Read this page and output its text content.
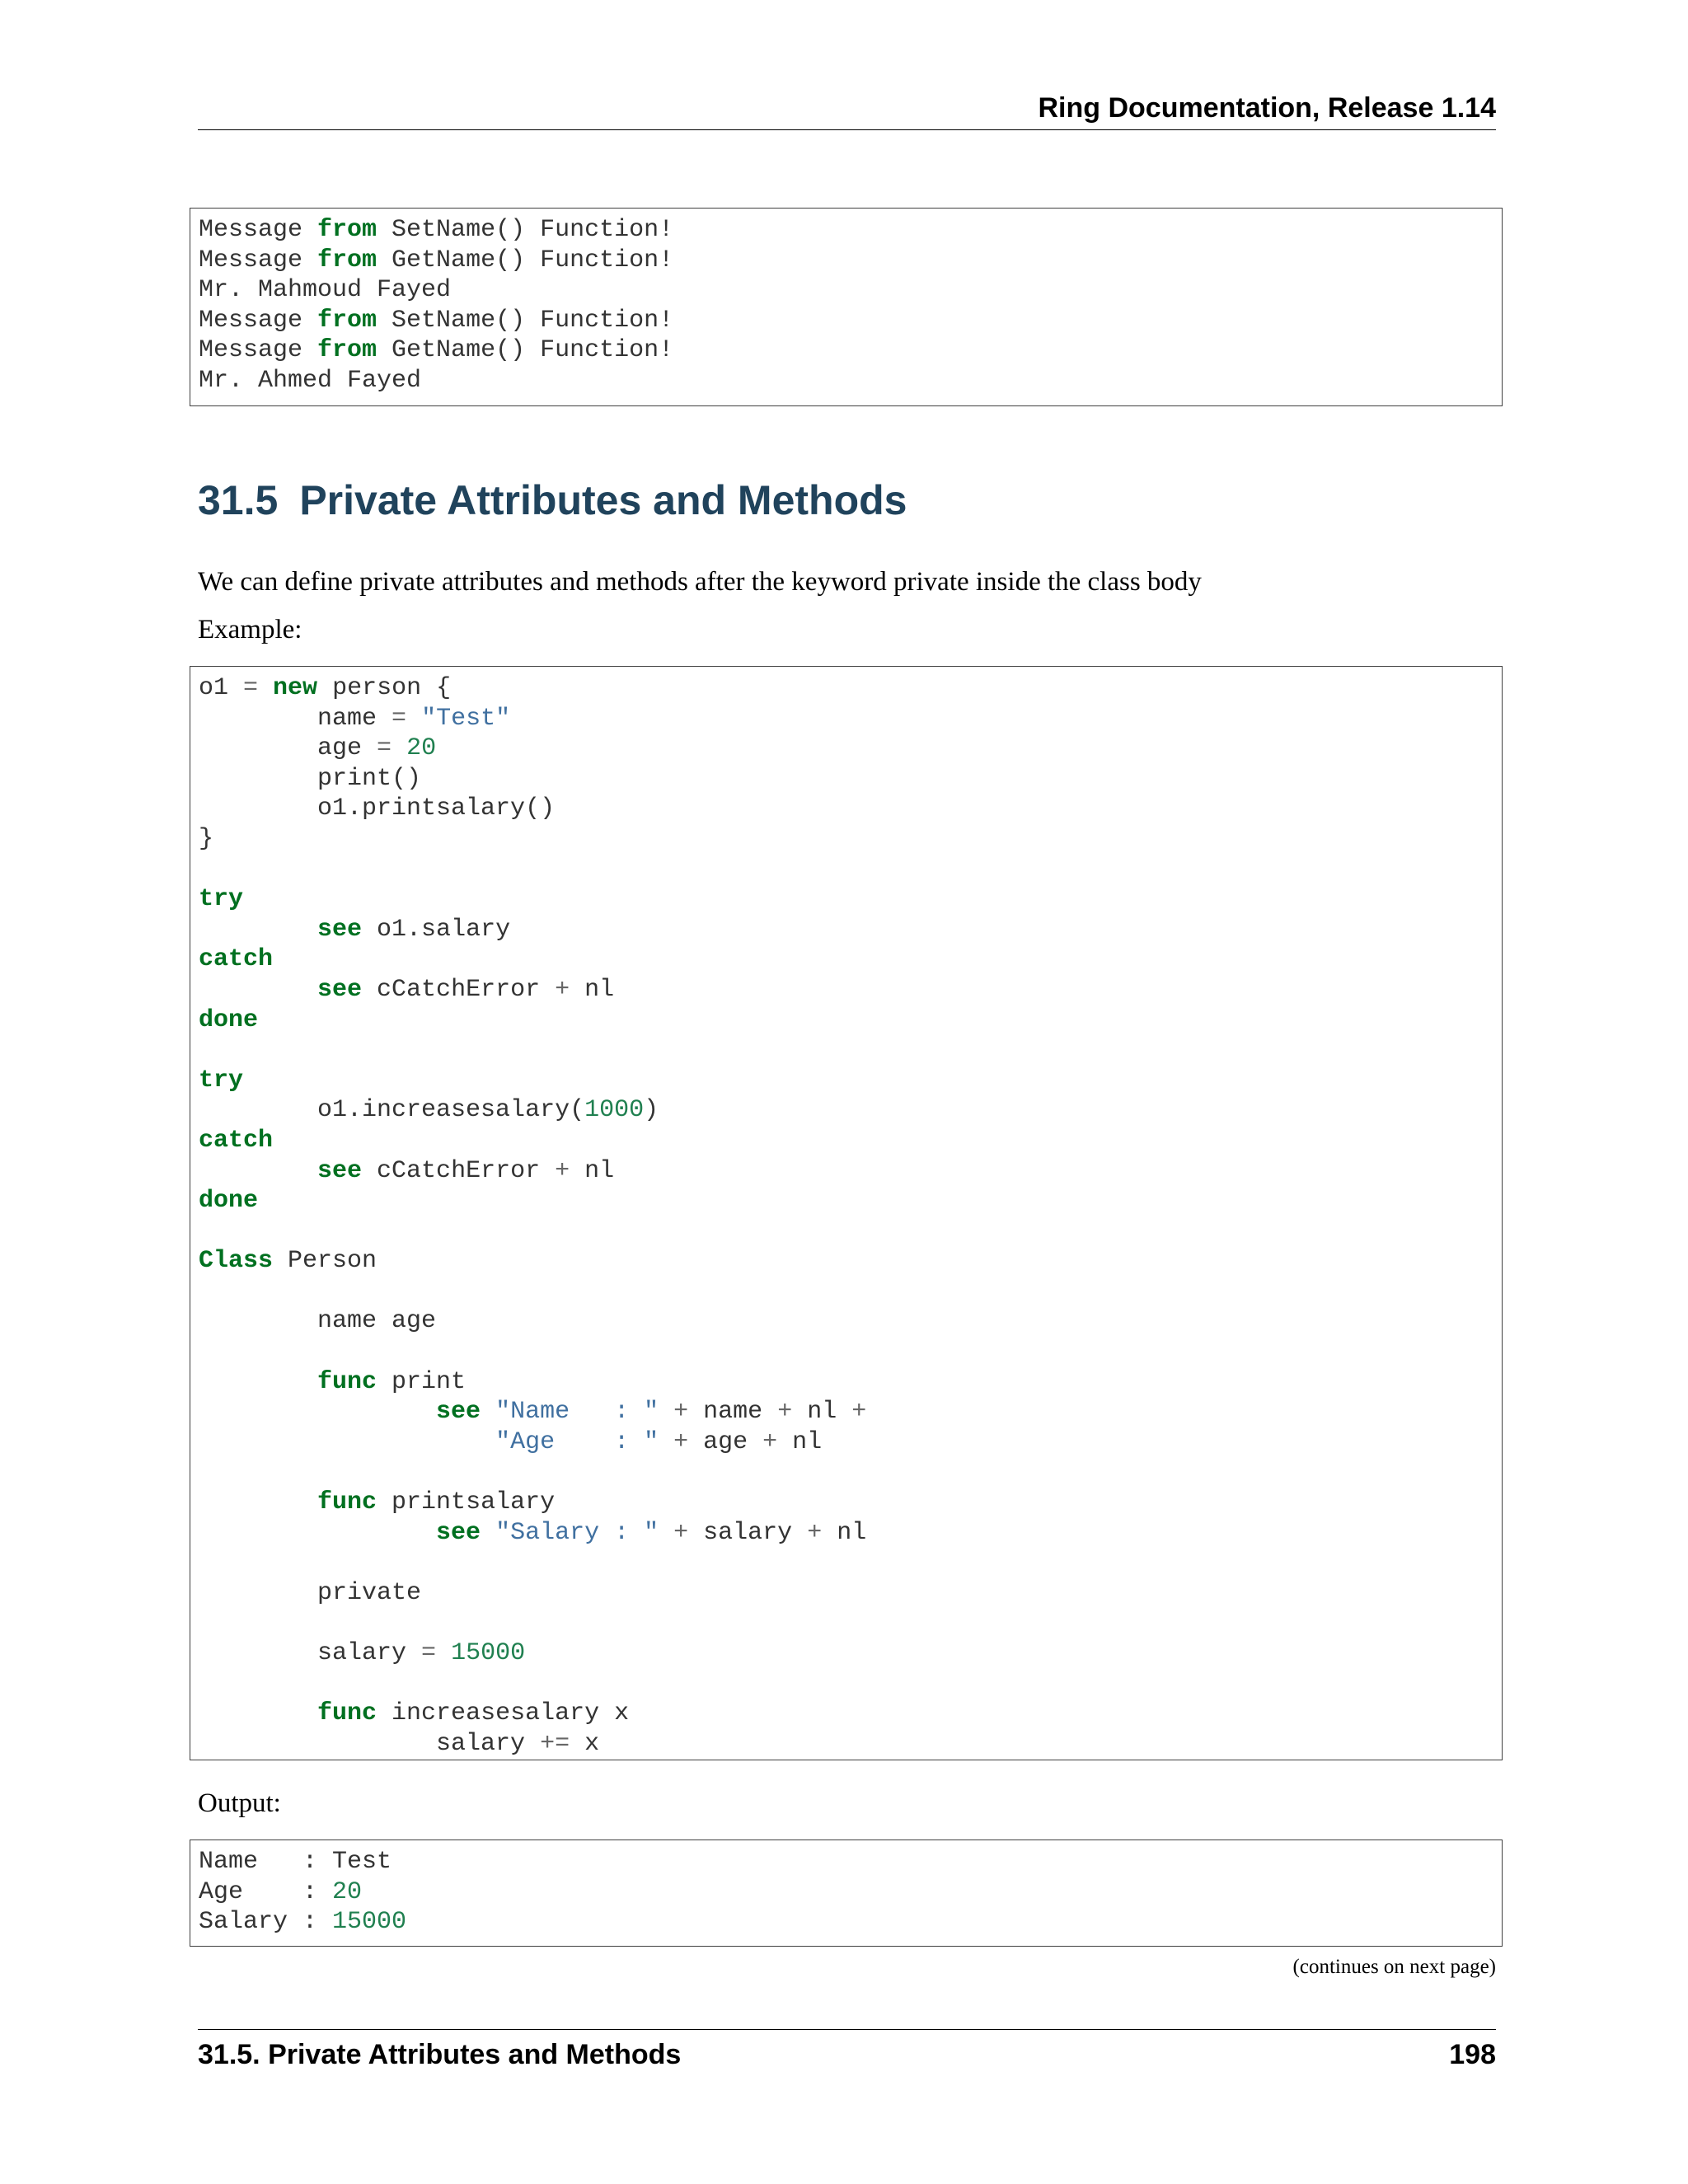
Ring Documentation, Release 1.14
Message from SetName() Function!
Message from GetName() Function!
Mr. Mahmoud Fayed
Message from SetName() Function!
Message from GetName() Function!
Mr. Ahmed Fayed
31.5 Private Attributes and Methods

We can define private attributes and methods after the keyword private inside the class body

Example:

o1 = new person {
name = "Test"
age = 20
print()
o1.printsalary()
}
try
see o1.salary
catch
see cCatchError + nl
done
try
o1.increasesalary(1000)
catch
see cCatchError + nl
done
Class Person
name age
func print
see "Name   : " + name + nl +
"Age    : " + age + nl
func printsalary
see "Salary : " + salary + nl
private
salary = 15000
func increasesalary x
salary += x

Output:

Name   : Test
Age    : 20
Salary : 15000
(continues on next page)
31.5. Private Attributes and Methods	198
